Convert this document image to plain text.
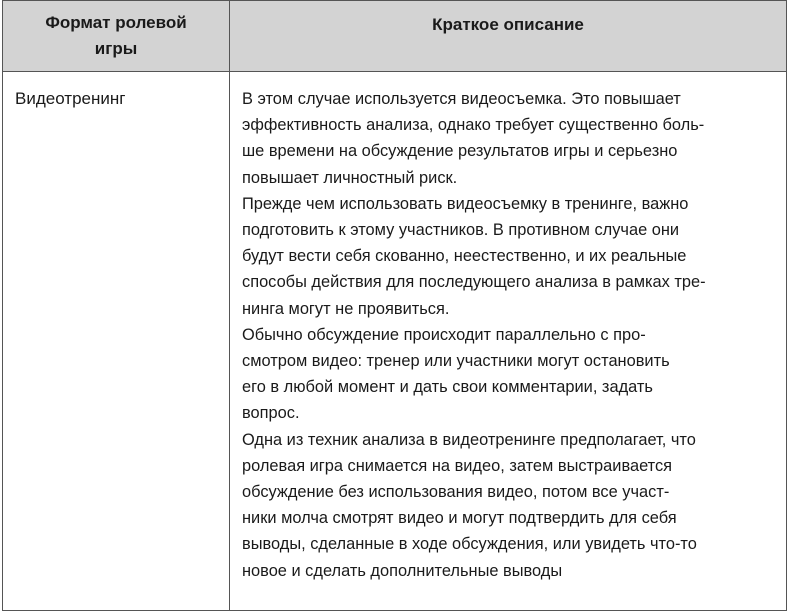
Формат ролевой игры
Краткое описание
Видеотренинг	В этом случае используется видеосъемка. Это повышает
эффективность анализа, однако требует существенно боль-
ше времени на обсуждение результатов игры и серьезно
повышает личностный риск.
Прежде чем использовать видеосъемку в тренинге, важно
подготовить к этому участников. В противном случае они
будут вести себя скованно, неестественно, и их реальные
способы действия для последующего анализа в рамках тре-
нинга могут не проявиться.
Обычно обсуждение происходит параллельно с про-
смотром видео: тренер или участники могут остановить
его в любой момент и дать свои комментарии, задать
вопрос.
Одна из техник анализа в видеотренинге предполагает, что
ролевая игра снимается на видео, затем выстраивается
обсуждение без использования видео, потом все участ-
ники молча смотрят видео и могут подтвердить для себя
выводы, сделанные в ходе обсуждения, или увидеть что-то
новое и сделать дополнительные выводы
